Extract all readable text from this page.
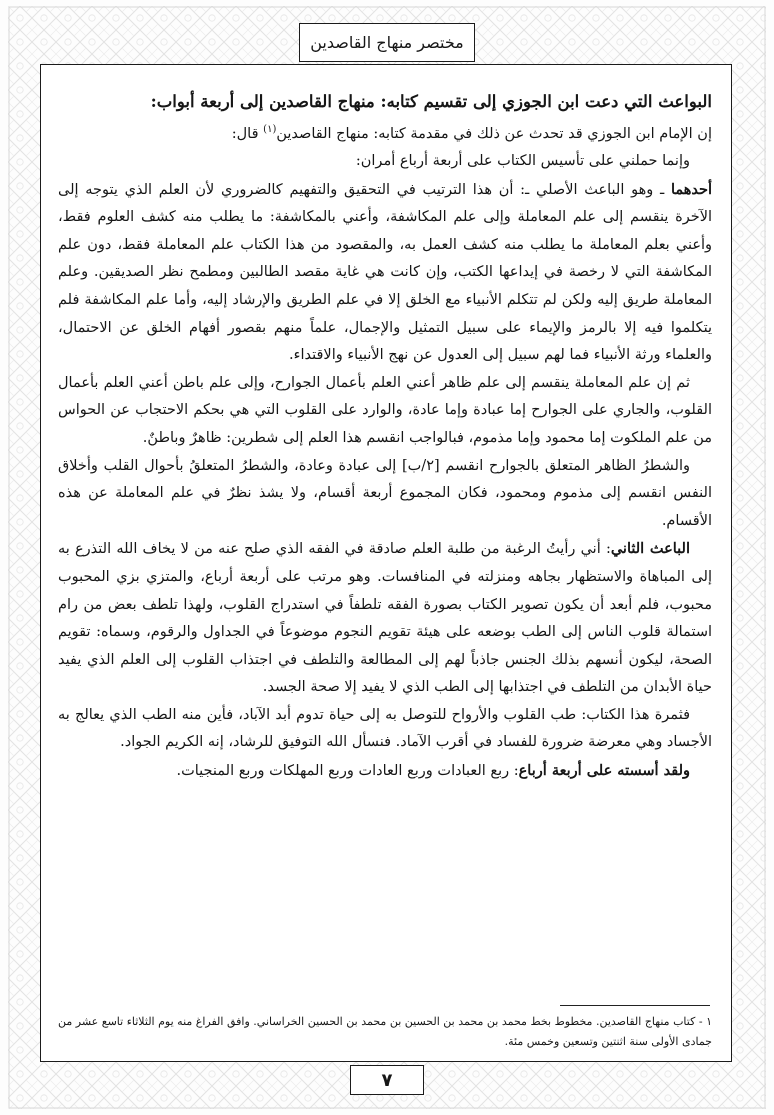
مختصر منهاج القاصدين

البواعث التي دعت ابن الجوزي إلى تقسيم كتابه: منهاج القاصدين إلى أربعة أبواب:

إن الإمام ابن الجوزي قد تحدث عن ذلك في مقدمة كتابه: منهاج القاصدين$^{(١)}$ قال:

وإنما حملني على تأسيس الكتاب على أربعة أرباع أمران:

أحدهما ـ وهو الباعث الأصلي ـ: أن هذا الترتيب في التحقيق والتفهيم كالضروري لأن العلم الذي يتوجه إلى الآخرة ينقسم إلى علم المعاملة وإلى علم المكاشفة، وأعني بالمكاشفة: ما يطلب منه كشف العلوم فقط، وأعني بعلم المعاملة ما يطلب منه كشف العمل به، والمقصود من هذا الكتاب علم المعاملة فقط، دون علم المكاشفة التي لا رخصة في إيداعها الكتب، وإن كانت هي غاية مقصد الطالبين ومطمح نظر الصديقين. وعلم المعاملة طريق إليه ولكن لم تتكلم الأنبياء مع الخلق إلا في علم الطريق والإرشاد إليه، وأما علم المكاشفة فلم يتكلموا فيه إلا بالرمز والإيماء على سبيل التمثيل والإجمال، علماً منهم بقصور أفهام الخلق عن الاحتمال، والعلماء ورثة الأنبياء فما لهم سبيل إلى العدول عن نهج الأنبياء والاقتداء.

ثم إن علم المعاملة ينقسم إلى علم ظاهر أعني العلم بأعمال الجوارح، وإلى علم باطن أعني العلم بأعمال القلوب، والجاري على الجوارح إما عبادة وإما عادة، والوارد على القلوب التي هي بحكم الاحتجاب عن الحواس من علم الملكوت إما محمود وإما مذموم، فبالواجب انقسم هذا العلم إلى شطرين: ظاهرٌ وباطنٌ.

والشطرُ الظاهر المتعلق بالجوارح انقسم [٢/ب] إلى عبادة وعادة، والشطرُ المتعلقُ بأحوال القلب وأخلاق النفس انقسم إلى مذموم ومحمود، فكان المجموع أربعة أقسام، ولا يشذ نظرٌ في علم المعاملة عن هذه الأقسام.

الباعث الثاني: أني رأيتُ الرغبة من طلبة العلم صادقة في الفقه الذي صلح عنه من لا يخاف الله التذرع به إلى المباهاة والاستظهار بجاهه ومنزلته في المنافسات. وهو مرتب على أربعة أرباع، والمتزي بزي المحبوب محبوب، فلم أبعد أن يكون تصوير الكتاب بصورة الفقه تلطفاً في استدراج القلوب، ولهذا تلطف بعض من رام استمالة قلوب الناس إلى الطب بوضعه على هيئة تقويم النجوم موضوعاً في الجداول والرقوم، وسماه: تقويم الصحة، ليكون أنسهم بذلك الجنس جاذباً لهم إلى المطالعة والتلطف في اجتذاب القلوب إلى العلم الذي يفيد حياة الأبدان من التلطف في اجتذابها إلى الطب الذي لا يفيد إلا صحة الجسد.

فثمرة هذا الكتاب: طب القلوب والأرواح للتوصل به إلى حياة تدوم أبد الآباد، فأين منه الطب الذي يعالج به الأجساد وهي معرضة ضرورة للفساد في أقرب الآماد. فنسأل الله التوفيق للرشاد، إنه الكريم الجواد.

ولقد أسسته على أربعة أرباع: ربع العبادات وربع العادات وربع المهلكات وربع المنجيات.

١ - كتاب منهاج القاصدين. مخطوط بخط محمد بن محمد بن الحسين بن محمد بن الحسين الخراساني. وافق الفراغ منه يوم الثلاثاء تاسع عشر من جمادى الأولى سنة اثنتين وتسعين وخمس مئة.

٧
